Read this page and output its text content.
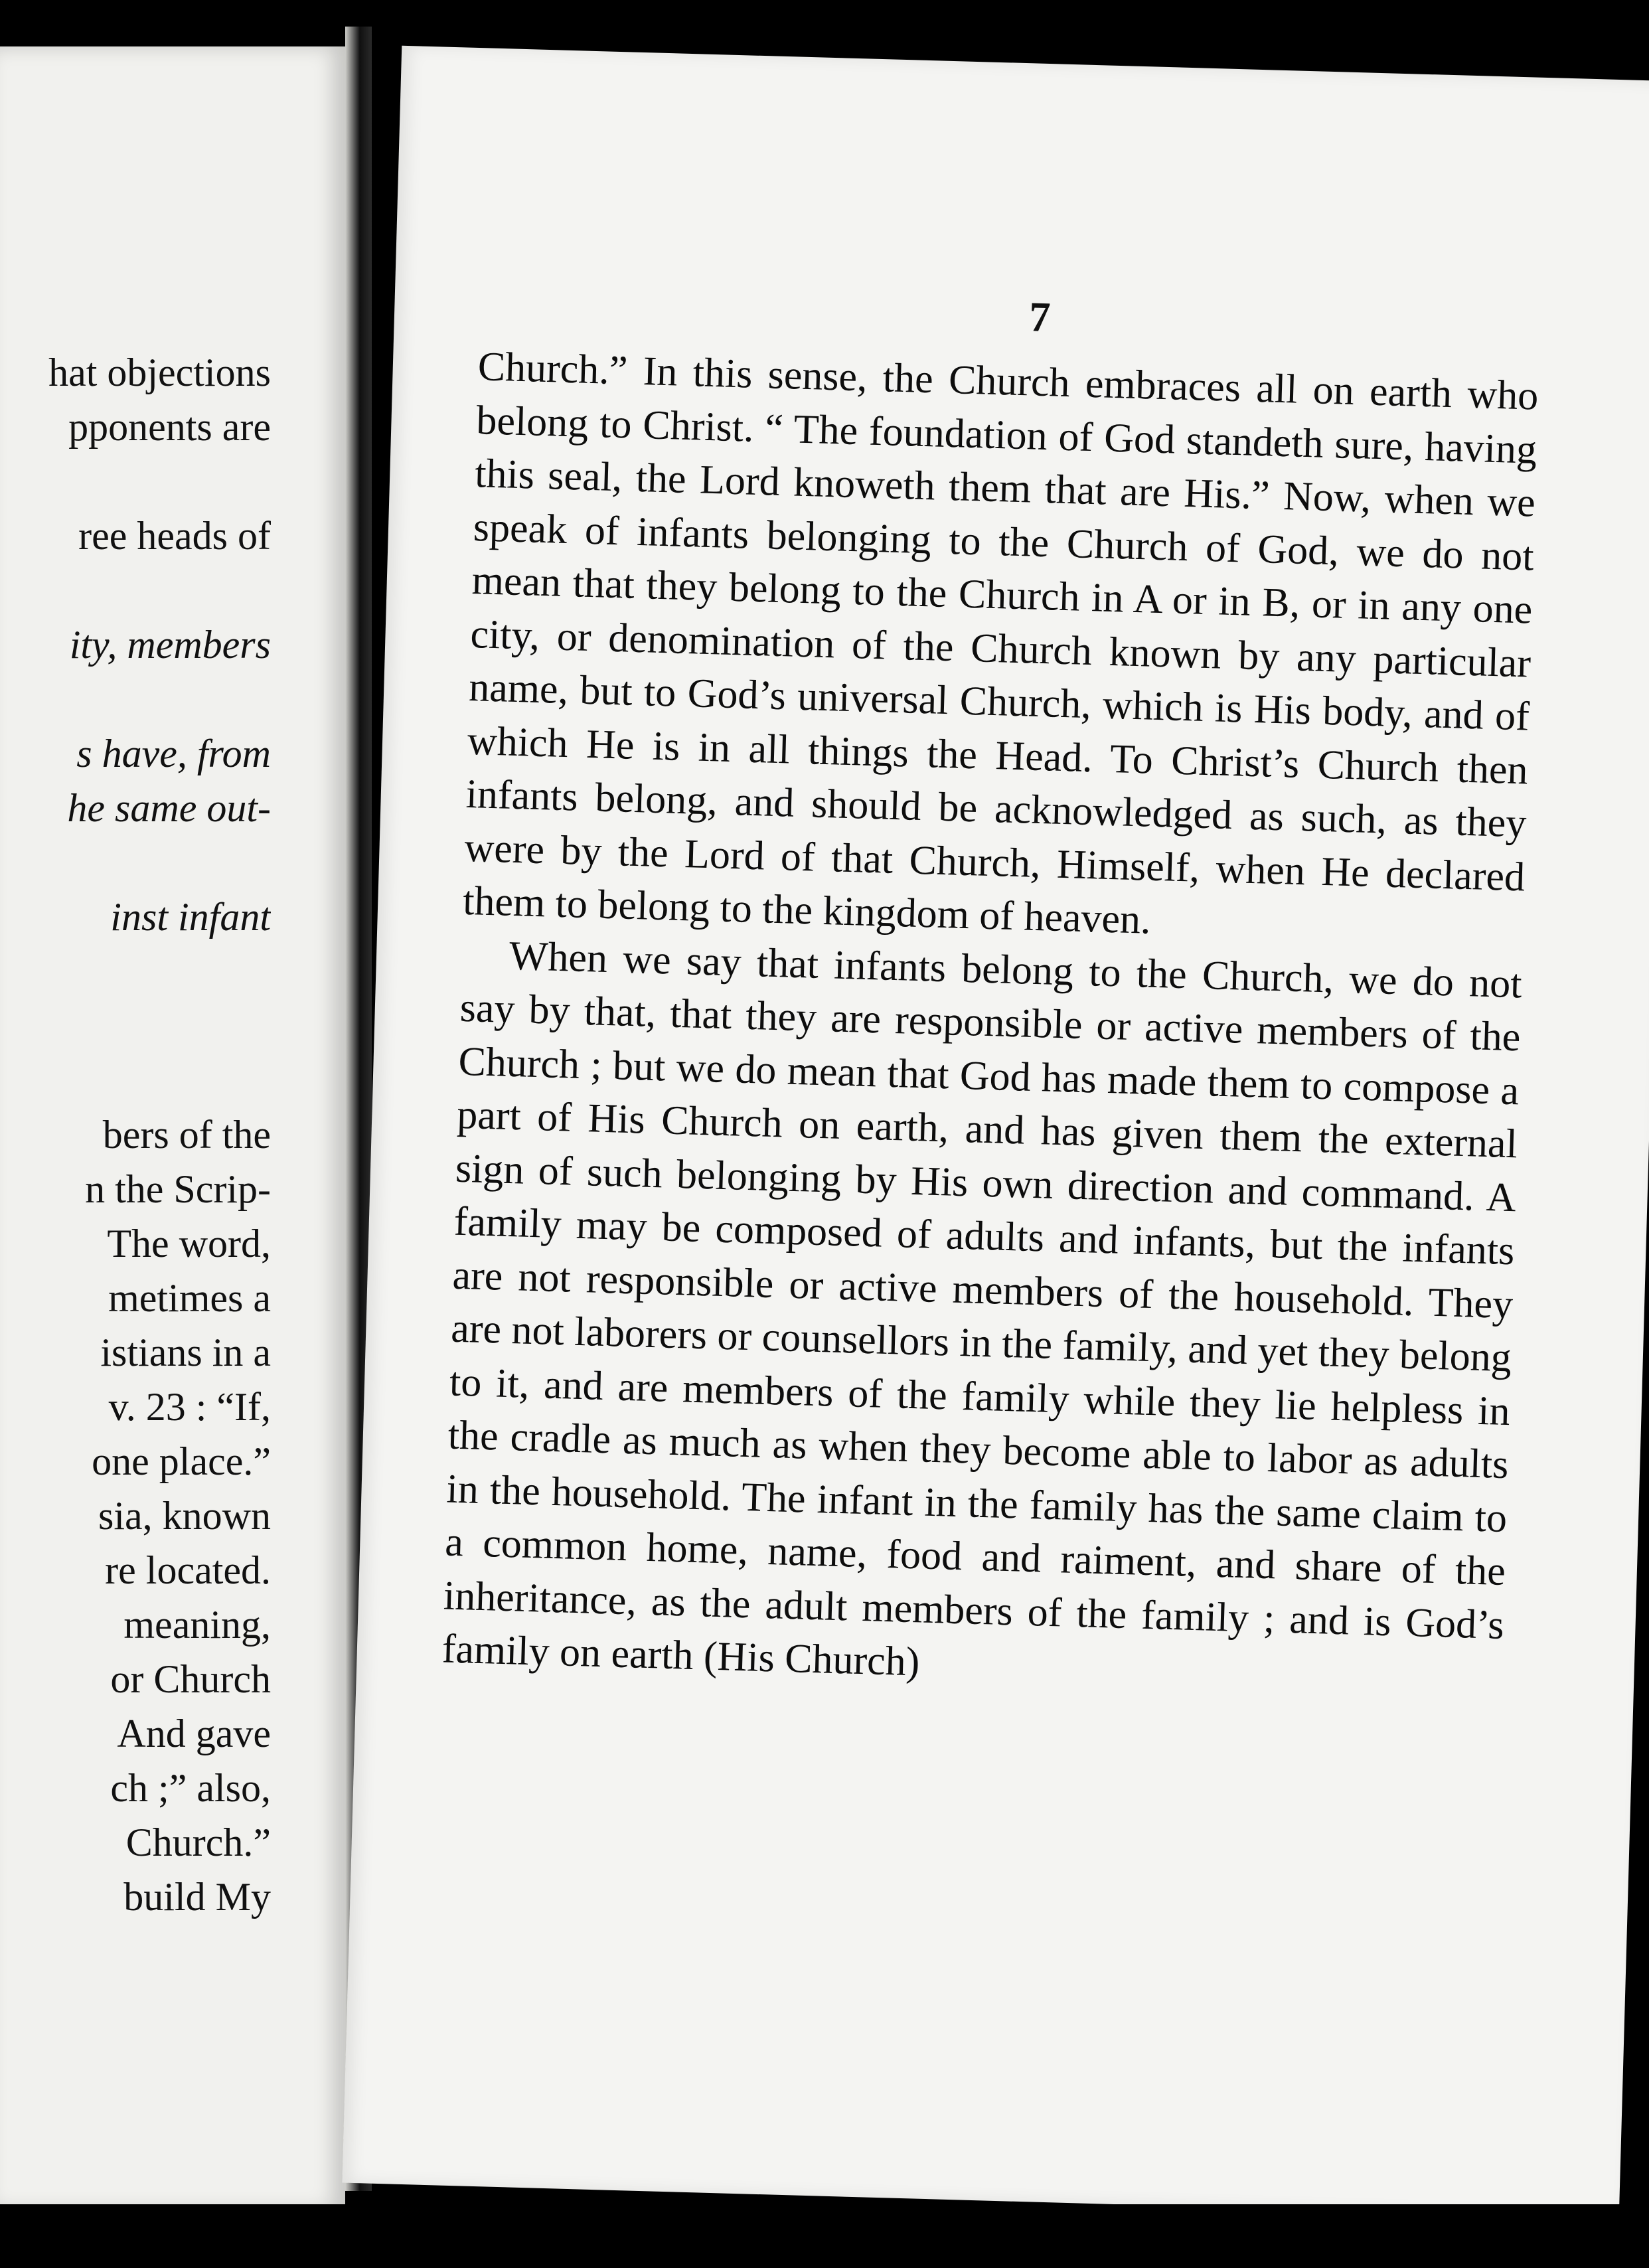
hat objections
pponents are
ree heads of
ity, members
s have, from
he same out-
inst infant
bers of the
n the Scrip-
The word,
metimes a
istians in a
v. 23 : “If,
one place.”
sia, known
re located.
meaning,
or Church
And gave
ch ;” also,
Church.”
build My
7

Church.” In this sense, the Church embraces all on earth who belong to Christ. “ The foundation of God standeth sure, having this seal, the Lord knoweth them that are His.” Now, when we speak of infants belonging to the Church of God, we do not mean that they belong to the Church in A or in B, or in any one city, or denomination of the Church known by any particular name, but to God’s universal Church, which is His body, and of which He is in all things the Head. To Christ’s Church then infants belong, and should be acknowledged as such, as they were by the Lord of that Church, Himself, when He declared them to belong to the kingdom of heaven.

When we say that infants belong to the Church, we do not say by that, that they are responsible or active members of the Church ; but we do mean that God has made them to compose a part of His Church on earth, and has given them the external sign of such belonging by His own direction and command. A family may be composed of adults and infants, but the infants are not responsible or active members of the household. They are not laborers or counsellors in the family, and yet they belong to it, and are members of the family while they lie helpless in the cradle as much as when they become able to labor as adults in the household. The infant in the family has the same claim to a common home, name, food and raiment, and share of the inheritance, as the adult members of the family ; and is God’s family on earth (His Church)
